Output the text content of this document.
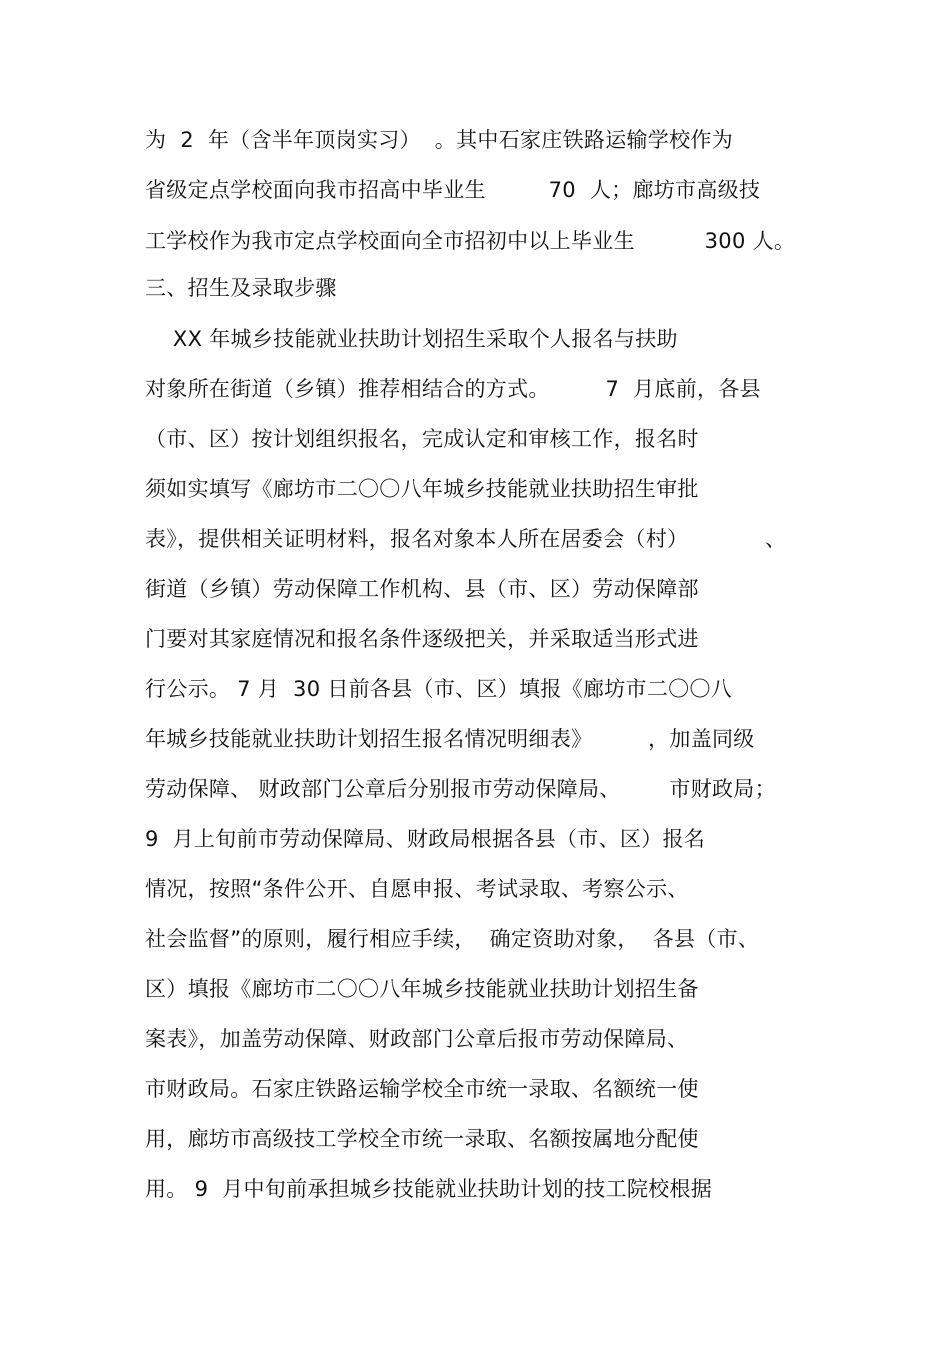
为  2  年（含半年顶岗实习）  。其中石家庄铁路运输学校作为
省级定点学校面向我市招高中毕业生         70  人；廊坊市高级技
工学校作为我市定点学校面向全市招初中以上毕业生          300 人。
三、招生及录取步骤
XX 年城乡技能就业扶助计划招生采取个人报名与扶助
对象所在街道（乡镇）推荐相结合的方式。        7  月底前，各县
（市、区）按计划组织报名，完成认定和审核工作，报名时
须如实填写《廊坊市二〇〇八年城乡技能就业扶助招生审批
表》，提供相关证明材料，报名对象本人所在居委会（村）           、
街道（乡镇）劳动保障工作机构、县（市、区）劳动保障部
门要对其家庭情况和报名条件逐级把关，并采取适当形式进
行公示。 7 月  30 日前各县（市、区）填报《廊坊市二〇〇八
年城乡技能就业扶助计划招生报名情况明细表》        ，加盖同级
劳动保障、 财政部门公章后分别报市劳动保障局、       市财政局；
9  月上旬前市劳动保障局、财政局根据各县（市、区）报名
情况，按照“条件公开、自愿申报、考试录取、考察公示、
社会监督”的原则，履行相应手续，  确定资助对象，  各县（市、
区）填报《廊坊市二〇〇八年城乡技能就业扶助计划招生备
案表》，加盖劳动保障、财政部门公章后报市劳动保障局、
市财政局。石家庄铁路运输学校全市统一录取、名额统一使
用，廊坊市高级技工学校全市统一录取、名额按属地分配使
用。 9  月中旬前承担城乡技能就业扶助计划的技工院校根据
